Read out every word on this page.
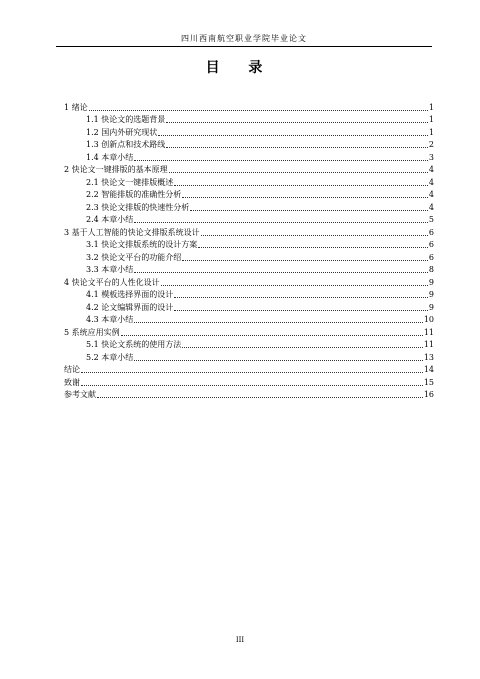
四川西南航空职业学院毕业论文
目 录
1 绪论	1
1.1 快论文的选题背景	1
1.2 国内外研究现状	1
1.3 创新点和技术路线	2
1.4 本章小结	3
2 快论文一键排版的基本原理	4
2.1 快论文一键排版概述	4
2.2 智能排版的准确性分析	4
2.3 快论文排版的快速性分析	4
2.4 本章小结	5
3 基于人工智能的快论文排版系统设计	6
3.1 快论文排版系统的设计方案	6
3.2 快论文平台的功能介绍	6
3.3 本章小结	8
4 快论文平台的人性化设计	9
4.1 模板选择界面的设计	9
4.2 论文编辑界面的设计	9
4.3 本章小结	10
5 系统应用实例	11
5.1 快论文系统的使用方法	11
5.2 本章小结	13
结论	14
致谢	15
参考文献	16
III
